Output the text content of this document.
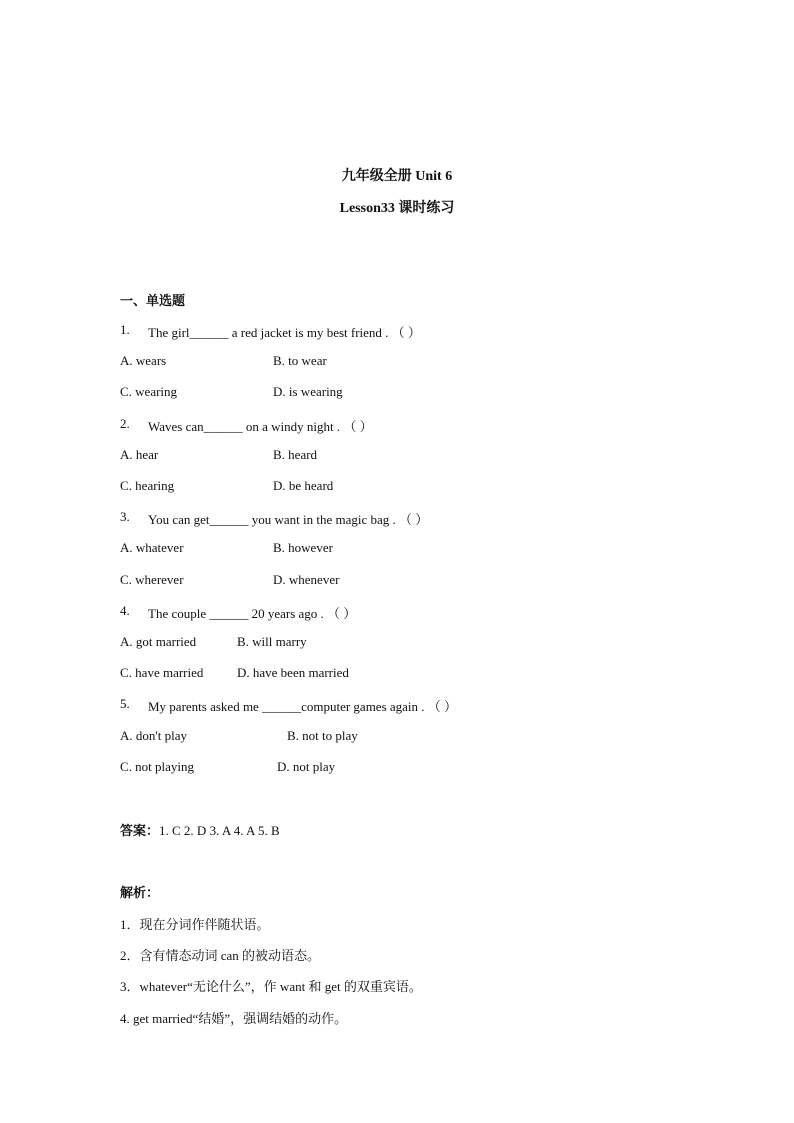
九年级全册 Unit 6
Lesson33 课时练习
一、单选题
1. The girl______ a red jacket is my best friend . （ ）
A. wears	B. to wear
C. wearing	D. is wearing
2. Waves can______ on a windy night . （ ）
A. hear	B. heard
C. hearing	D. be heard
3. You can get______ you want in the magic bag . （ ）
A. whatever	B. however
C. wherever	D. whenever
4. The couple ______ 20 years ago . （ ）
A. got married	B. will marry
C. have married	D. have been married
5. My parents asked me ______computer games again . （ ）
A. don't play	B. not to play
C. not playing	D. not play
答案：1. C 2. D 3. A 4. A 5. B
解析：
1．现在分词作伴随状语。
2．含有情态动词 can 的被动语态。
3．whatever“无论什么”，作 want 和 get 的双重宾语。
4. get married“结婚”，强调结婚的动作。
